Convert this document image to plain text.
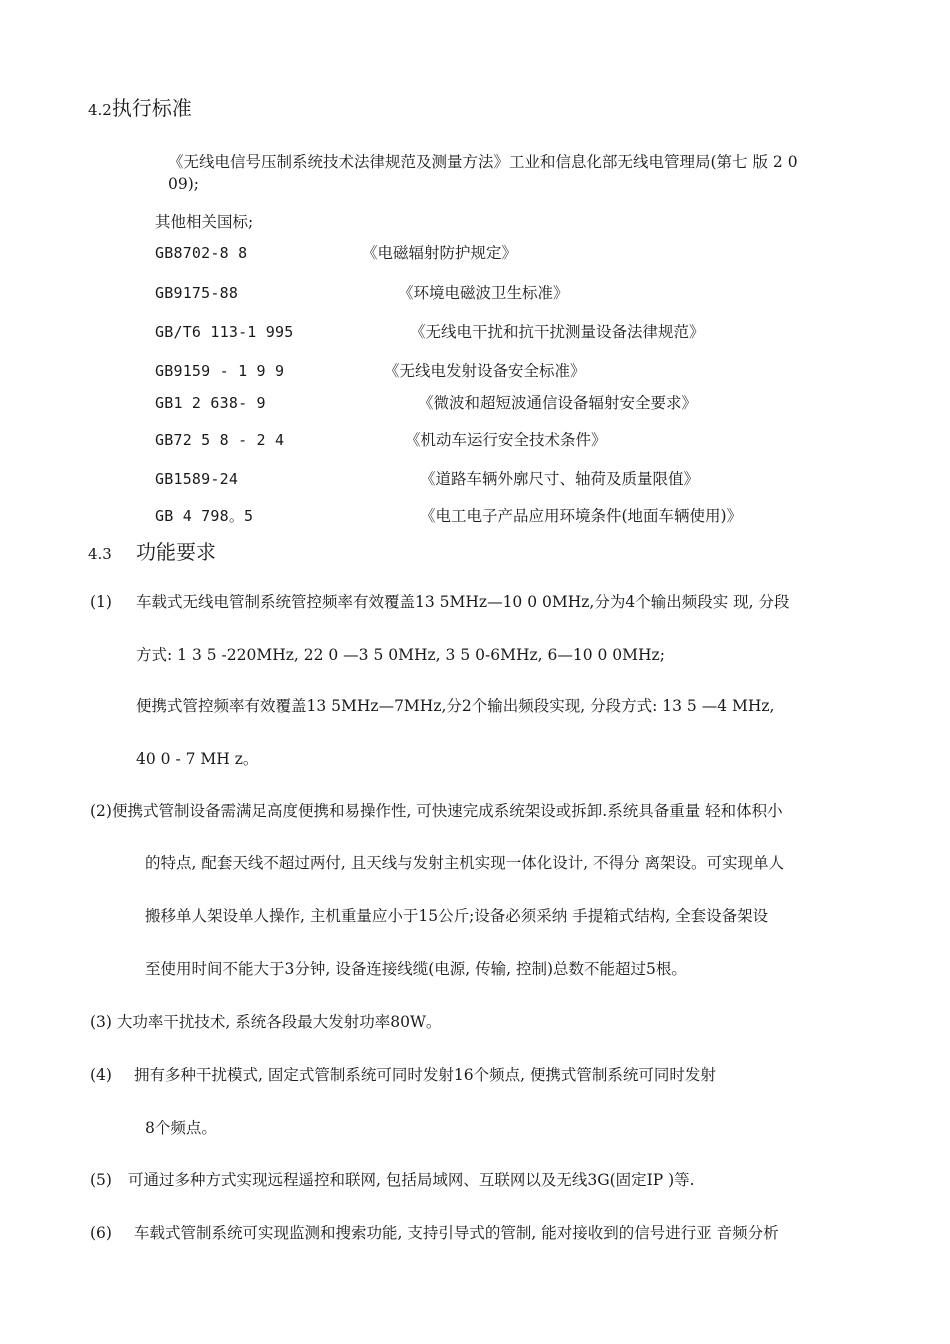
4.2执行标准
《无线电信号压制系统技术法律规范及测量方法》工业和信息化部无线电管理局(第七 版 2 0
09);
其他相关国标;
GB8702-8 8	《电磁辐射防护规定》
GB9175-88	《环境电磁波卫生标准》
GB/T6 113-1 995	《无线电干扰和抗干扰测量设备法律规范》
GB9159 - 1 9 9	《无线电发射设备安全标准》
GB1 2 638- 9	《微波和超短波通信设备辐射安全要求》
GB72 5 8 - 2 4	《机动车运行安全技术条件》
GB1589-24	《道路车辆外廓尺寸、轴荷及质量限值》
GB 4 798。5	《电工电子产品应用环境条件(地面车辆使用)》
4.3 功能要求
(1) 车载式无线电管制系统管控频率有效覆盖13 5MHz—10 0 0MHz,分为4个输出频段实 现, 分段
方式: 1 3 5 -220MHz, 22 0 —3 5 0MHz, 3 5 0-6MHz, 6—10 0 0MHz;
便携式管控频率有效覆盖13 5MHz—7MHz,分2个输出频段实现, 分段方式: 13 5 —4 MHz,
40 0 - 7 MH z。
(2)便携式管制设备需满足高度便携和易操作性, 可快速完成系统架设或拆卸.系统具备重量 轻和体积小
的特点, 配套天线不超过两付, 且天线与发射主机实现一体化设计, 不得分 离架设。可实现单人
搬移单人架设单人操作, 主机重量应小于15公斤;设备必须采纳 手提箱式结构, 全套设备架设
至使用时间不能大于3分钟, 设备连接线缆(电源, 传输, 控制)总数不能超过5根。
(3) 大功率干扰技术, 系统各段最大发射功率80W。
(4) 拥有多种干扰模式, 固定式管制系统可同时发射16个频点, 便携式管制系统可同时发射
8个频点。
(5) 可通过多种方式实现远程遥控和联网, 包括局域网、互联网以及无线3G(固定IP )等.
(6) 车载式管制系统可实现监测和搜索功能, 支持引导式的管制, 能对接收到的信号进行亚 音频分析
